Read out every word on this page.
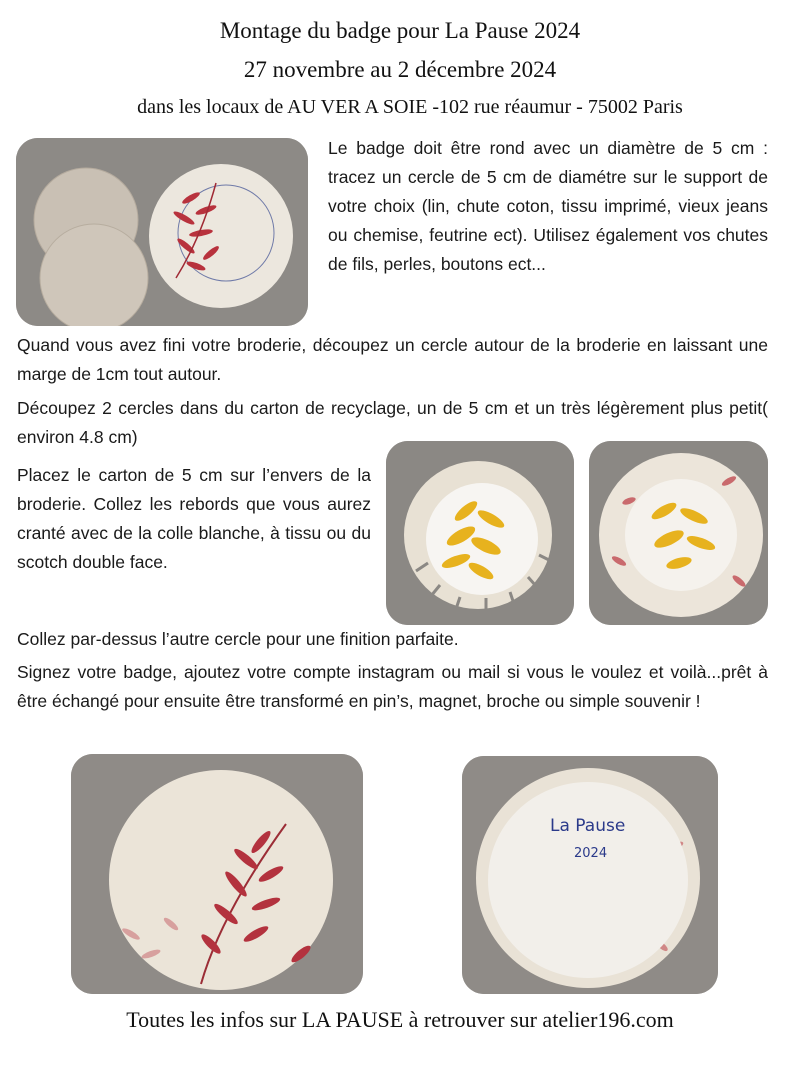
Montage du badge pour La Pause 2024
27 novembre au 2 décembre 2024
dans les locaux de AU VER A SOIE -102 rue réaumur - 75002 Paris
Le badge doit être rond avec un diamètre de 5 cm : tracez un cercle de 5 cm de diamétre sur le support de votre choix (lin, chute coton, tissu imprimé, vieux jeans ou chemise, feutrine ect). Utilisez également vos chutes de fils, perles, boutons ect...
Quand vous avez fini votre broderie, découpez un cercle autour de la broderie en laissant une marge de 1cm tout autour.
Découpez 2 cercles dans du carton de recyclage, un de 5 cm et un très légèrement plus petit( environ 4.8 cm)
Placez le carton de 5 cm sur l’envers de la broderie. Collez les rebords que vous aurez cranté avec de la colle blanche, à tissu ou du scotch double face.
Collez par-dessus l’autre cercle pour une finition parfaite.
Signez votre badge, ajoutez votre compte instagram ou mail si vous le voulez et voilà...prêt à être échangé pour ensuite être transformé en pin’s, magnet, broche ou simple souvenir !
La Pause
2024
Toutes les infos sur LA PAUSE à retrouver sur atelier196.com
